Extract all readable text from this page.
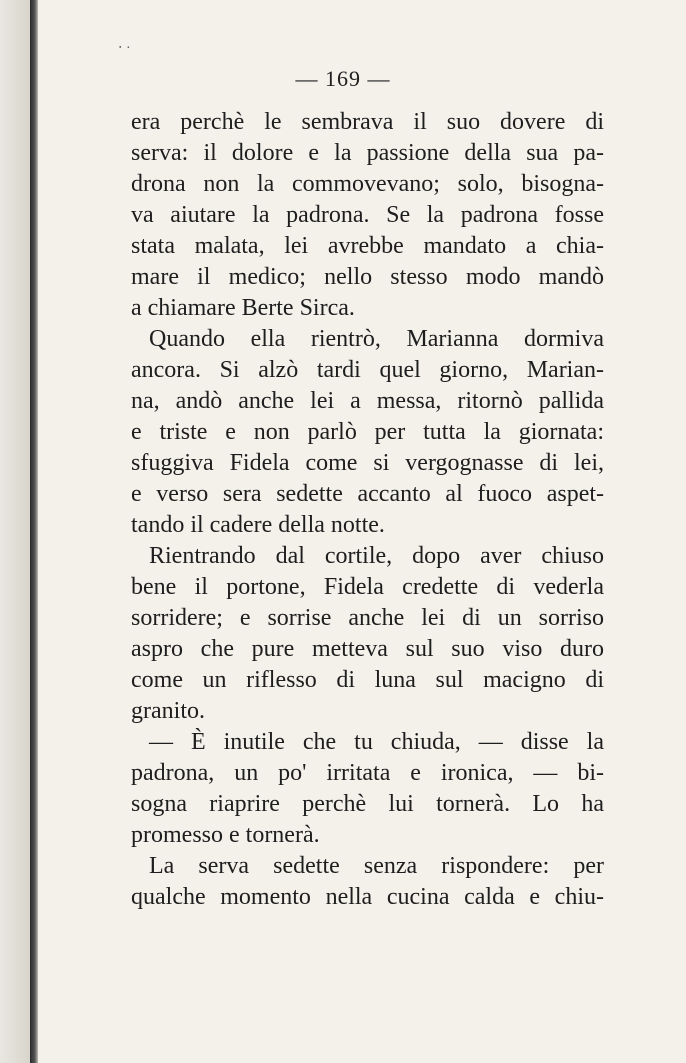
‧ ·
— 169 —
era perchè le sembrava il suo dovere di
serva: il dolore e la passione della sua pa-
drona non la commovevano; solo, bisogna-
va aiutare la padrona. Se la padrona fosse
stata malata, lei avrebbe mandato a chia-
mare il medico; nello stesso modo mandò
a chiamare Berte Sirca.
Quando ella rientrò, Marianna dormiva
ancora. Si alzò tardi quel giorno, Marian-
na, andò anche lei a messa, ritornò pallida
e triste e non parlò per tutta la giornata:
sfuggiva Fidela come si vergognasse di lei,
e verso sera sedette accanto al fuoco aspet-
tando il cadere della notte.
Rientrando dal cortile, dopo aver chiuso
bene il portone, Fidela credette di vederla
sorridere; e sorrise anche lei di un sorriso
aspro che pure metteva sul suo viso duro
come un riflesso di luna sul macigno di
granito.
— È inutile che tu chiuda, — disse la
padrona, un po' irritata e ironica, — bi-
sogna riaprire perchè lui tornerà. Lo ha
promesso e tornerà.
La serva sedette senza rispondere: per
qualche momento nella cucina calda e chiu-
